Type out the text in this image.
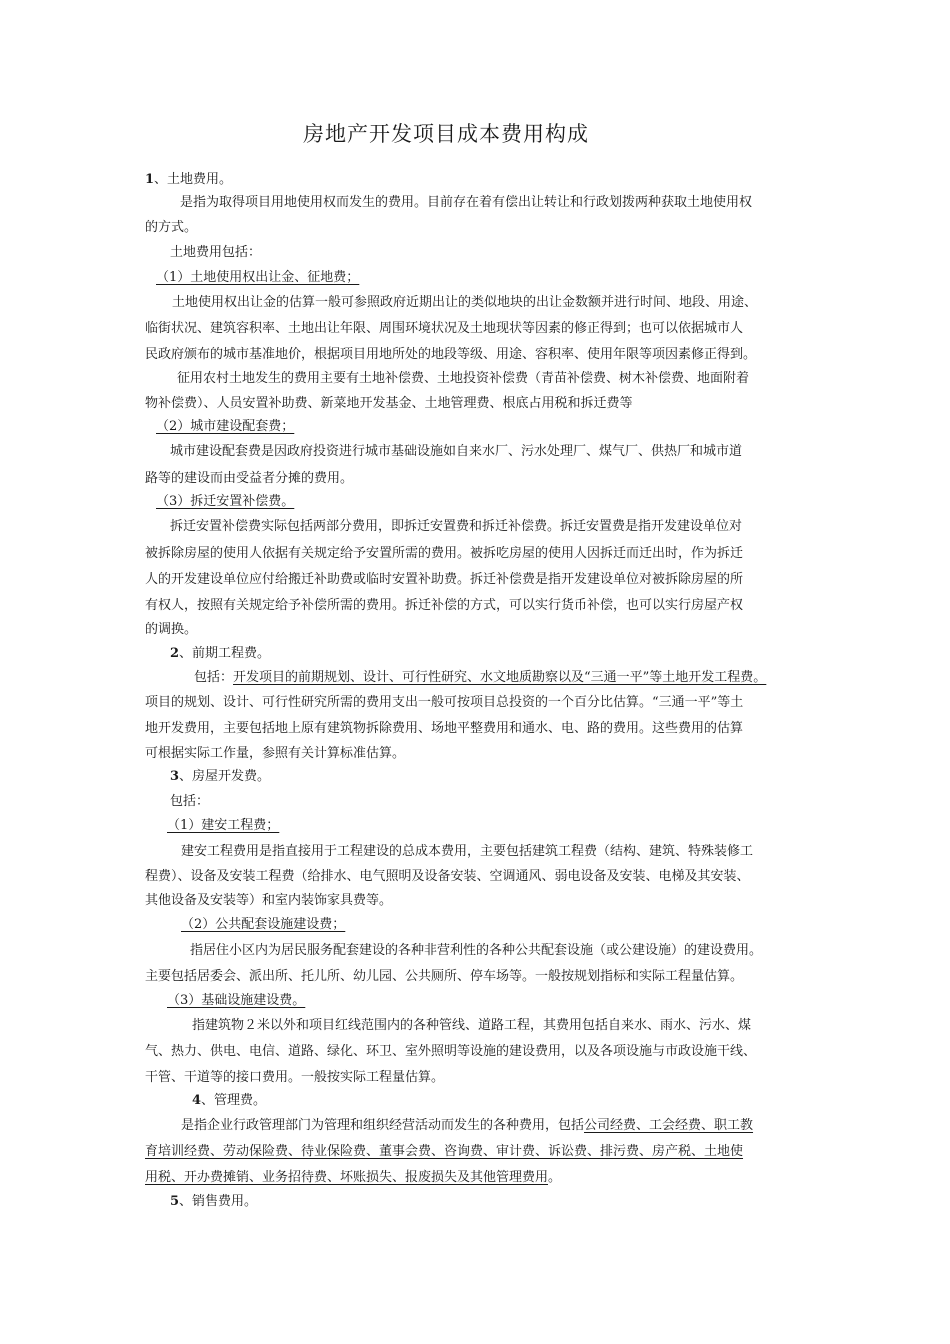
房地产开发项目成本费用构成
1、土地费用。
是指为取得项目用地使用权而发生的费用。目前存在着有偿出让转让和行政划拨两种获取土地使用权
的方式。
土地费用包括：
（1）土地使用权出让金、征地费；
土地使用权出让金的估算一般可参照政府近期出让的类似地块的出让金数额并进行时间、地段、用途、
临街状况、建筑容积率、土地出让年限、周围环境状况及土地现状等因素的修正得到；也可以依据城市人
民政府颁布的城市基准地价，根据项目用地所处的地段等级、用途、容积率、使用年限等项因素修正得到。
征用农村土地发生的费用主要有土地补偿费、土地投资补偿费（青苗补偿费、树木补偿费、地面附着
物补偿费）、人员安置补助费、新菜地开发基金、土地管理费、根底占用税和拆迁费等
（2）城市建设配套费；
城市建设配套费是因政府投资进行城市基础设施如自来水厂、污水处理厂、煤气厂、供热厂和城市道
路等的建设而由受益者分摊的费用。
（3）拆迁安置补偿费。
拆迁安置补偿费实际包括两部分费用，即拆迁安置费和拆迁补偿费。拆迁安置费是指开发建设单位对
被拆除房屋的使用人依据有关规定给予安置所需的费用。被拆吃房屋的使用人因拆迁而迁出时，作为拆迁
人的开发建设单位应付给搬迁补助费或临时安置补助费。拆迁补偿费是指开发建设单位对被拆除房屋的所
有权人，按照有关规定给予补偿所需的费用。拆迁补偿的方式，可以实行货币补偿，也可以实行房屋产权
的调换。
2、前期工程费。
包括：开发项目的前期规划、设计、可行性研究、水文地质勘察以及“三通一平”等土地开发工程费。
项目的规划、设计、可行性研究所需的费用支出一般可按项目总投资的一个百分比估算。“三通一平”等土
地开发费用，主要包括地上原有建筑物拆除费用、场地平整费用和通水、电、路的费用。这些费用的估算
可根据实际工作量，参照有关计算标准估算。
3、房屋开发费。
包括：
（1）建安工程费；
建安工程费用是指直接用于工程建设的总成本费用，主要包括建筑工程费（结构、建筑、特殊装修工
程费）、设备及安装工程费（给排水、电气照明及设备安装、空调通风、弱电设备及安装、电梯及其安装、
其他设备及安装等）和室内装饰家具费等。
（2）公共配套设施建设费；
指居住小区内为居民服务配套建设的各种非营利性的各种公共配套设施（或公建设施）的建设费用。
主要包括居委会、派出所、托儿所、幼儿园、公共厕所、停车场等。一般按规划指标和实际工程量估算。
（3）基础设施建设费。
指建筑物２米以外和项目红线范围内的各种管线、道路工程，其费用包括自来水、雨水、污水、煤
气、热力、供电、电信、道路、绿化、环卫、室外照明等设施的建设费用，以及各项设施与市政设施干线、
干管、干道等的接口费用。一般按实际工程量估算。
4、管理费。
是指企业行政管理部门为管理和组织经营活动而发生的各种费用，包括公司经费、工会经费、职工教
育培训经费、劳动保险费、待业保险费、董事会费、咨询费、审计费、诉讼费、排污费、房产税、土地使
用税、开办费摊销、业务招待费、坏账损失、报废损失及其他管理费用。
5、销售费用。
